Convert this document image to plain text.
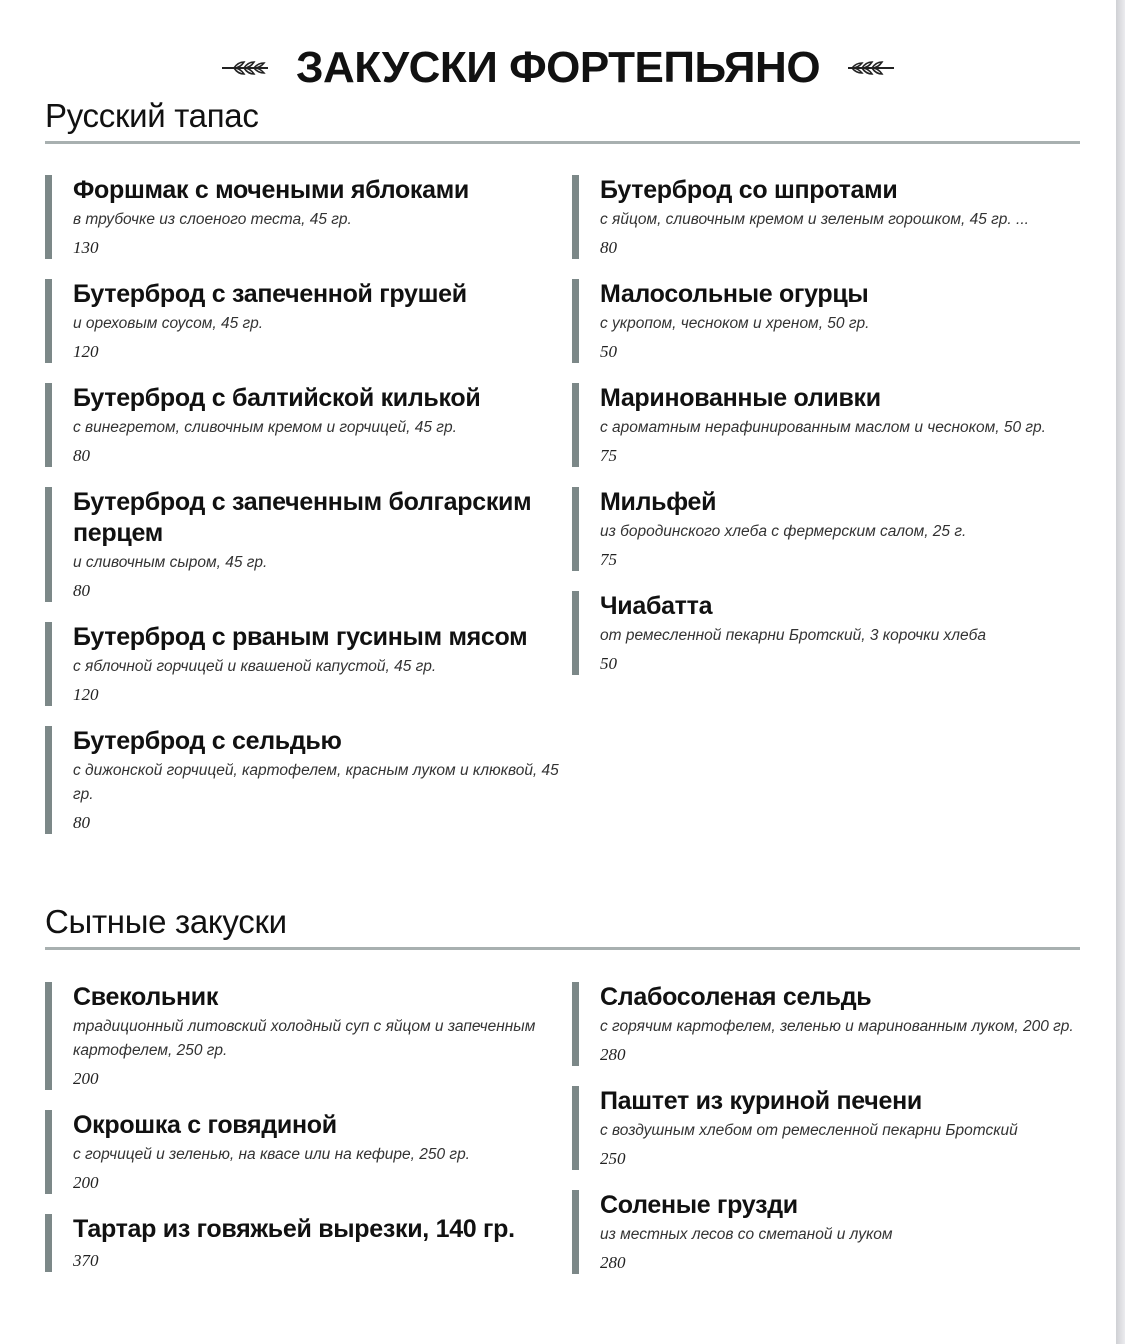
ЗАКУСКИ ФОРТЕПЬЯНО
Русский тапас
Форшмак с мочеными яблоками
в трубочке из слоеного теста, 45 гр.
130
Бутерброд с запеченной грушей
и ореховым соусом, 45 гр.
120
Бутерброд с балтийской килькой
с винегретом, сливочным кремом и горчицей, 45 гр.
80
Бутерброд с запеченным болгарским перцем
и сливочным сыром, 45 гр.
80
Бутерброд с рваным гусиным мясом
с яблочной горчицей и квашеной капустой, 45 гр.
120
Бутерброд с сельдью
с дижонской горчицей, картофелем, красным луком и клюквой, 45 гр.
80
Бутерброд со шпротами
с яйцом, сливочным кремом и зеленым горошком, 45 гр. ...
80
Малосольные огурцы
с укропом, чесноком и хреном, 50 гр.
50
Маринованные оливки
с ароматным нерафинированным маслом и чесноком, 50 гр.
75
Мильфей
из бородинского хлеба с фермерским салом, 25 г.
75
Чиабатта
от ремесленной пекарни Бротский, 3 корочки хлеба
50
Сытные закуски
Свекольник
традиционный литовский холодный суп с яйцом и запеченным картофелем, 250 гр.
200
Окрошка с говядиной
с горчицей и зеленью, на квасе или на кефире, 250 гр.
200
Тартар из говяжьей вырезки, 140 гр.
370
Слабосоленая сельдь
с горячим картофелем, зеленью и маринованным луком, 200 гр.
280
Паштет из куриной печени
с воздушным хлебом от ремесленной пекарни Бротский
250
Соленые грузди
из местных лесов со сметаной и луком
280
